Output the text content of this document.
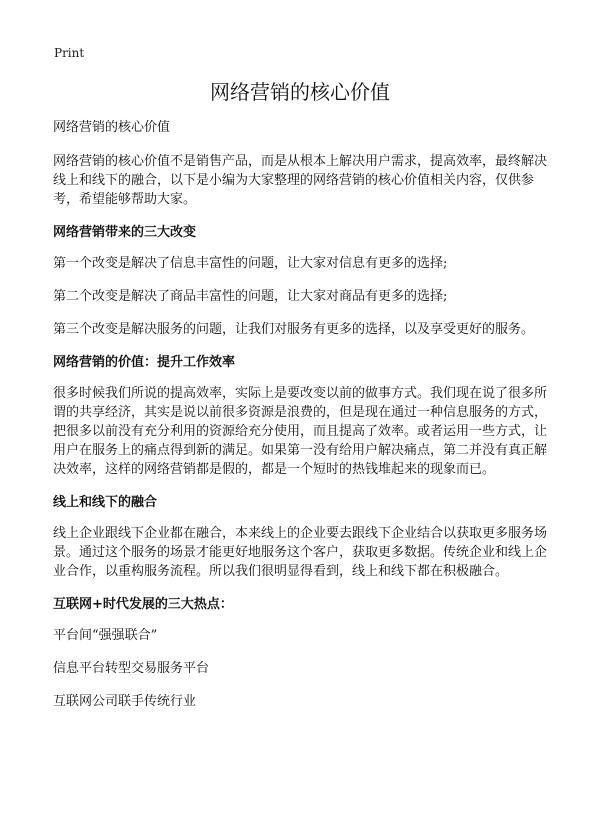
Print
网络营销的核心价值

网络营销的核心价值

网络营销的核心价值不是销售产品，而是从根本上解决用户需求，提高效率，最终解决线上和线下的融合，以下是小编为大家整理的网络营销的核心价值相关内容，仅供参考，希望能够帮助大家。

网络营销带来的三大改变

第一个改变是解决了信息丰富性的问题，让大家对信息有更多的选择;

第二个改变是解决了商品丰富性的问题，让大家对商品有更多的选择;

第三个改变是解决服务的问题，让我们对服务有更多的选择，以及享受更好的服务。

网络营销的价值：提升工作效率

很多时候我们所说的提高效率，实际上是要改变以前的做事方式。我们现在说了很多所谓的共享经济，其实是说以前很多资源是浪费的，但是现在通过一种信息服务的方式，把很多以前没有充分利用的资源给充分使用，而且提高了效率。或者运用一些方式，让用户在服务上的痛点得到新的满足。如果第一没有给用户解决痛点，第二并没有真正解决效率，这样的网络营销都是假的，都是一个短时的热钱堆起来的现象而已。

线上和线下的融合

线上企业跟线下企业都在融合，本来线上的企业要去跟线下企业结合以获取更多服务场景。通过这个服务的场景才能更好地服务这个客户，获取更多数据。传统企业和线上企业合作，以重构服务流程。所以我们很明显得看到，线上和线下都在积极融合。

互联网+时代发展的三大热点：

平台间“强强联合”

信息平台转型交易服务平台

互联网公司联手传统行业
